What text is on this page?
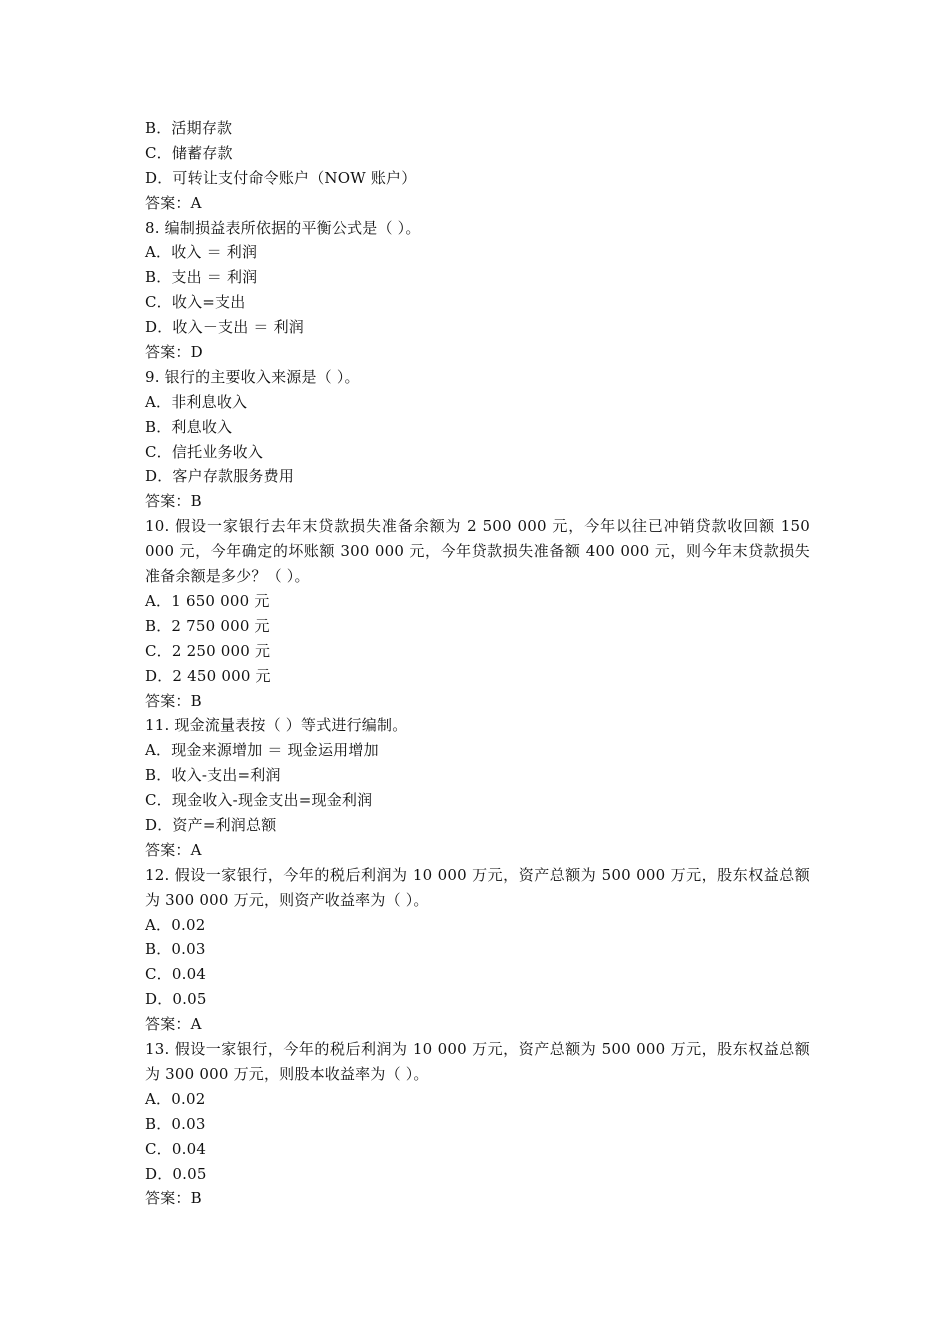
B．活期存款
C．储蓄存款
D．可转让支付命令账户（NOW 账户）
答案：A
8. 编制损益表所依据的平衡公式是（ ）。
A．收入 ＝ 利润
B．支出 ＝ 利润
C．收入=支出
D．收入－支出 ＝ 利润
答案：D
9. 银行的主要收入来源是（ ）。
A．非利息收入
B．利息收入
C．信托业务收入
D．客户存款服务费用
答案：B
10. 假设一家银行去年末贷款损失准备余额为 2 500 000 元，今年以往已冲销贷款收回额 150 000 元，今年确定的坏账额 300 000 元，今年贷款损失准备额 400 000 元，则今年末贷款损失准备余额是多少？（ ）。
A．1 650 000 元
B．2 750 000 元
C．2 250 000 元
D．2 450 000 元
答案：B
11. 现金流量表按（ ）等式进行编制。
A．现金来源增加 ＝ 现金运用增加
B．收入-支出=利润
C．现金收入-现金支出=现金利润
D．资产=利润总额
答案：A
12. 假设一家银行，今年的税后利润为 10 000 万元，资产总额为 500 000 万元，股东权益总额为 300 000 万元，则资产收益率为（ ）。
A．0.02
B．0.03
C．0.04
D．0.05
答案：A
13. 假设一家银行，今年的税后利润为 10 000 万元，资产总额为 500 000 万元，股东权益总额为 300 000 万元，则股本收益率为（ ）。
A．0.02
B．0.03
C．0.04
D．0.05
答案：B
